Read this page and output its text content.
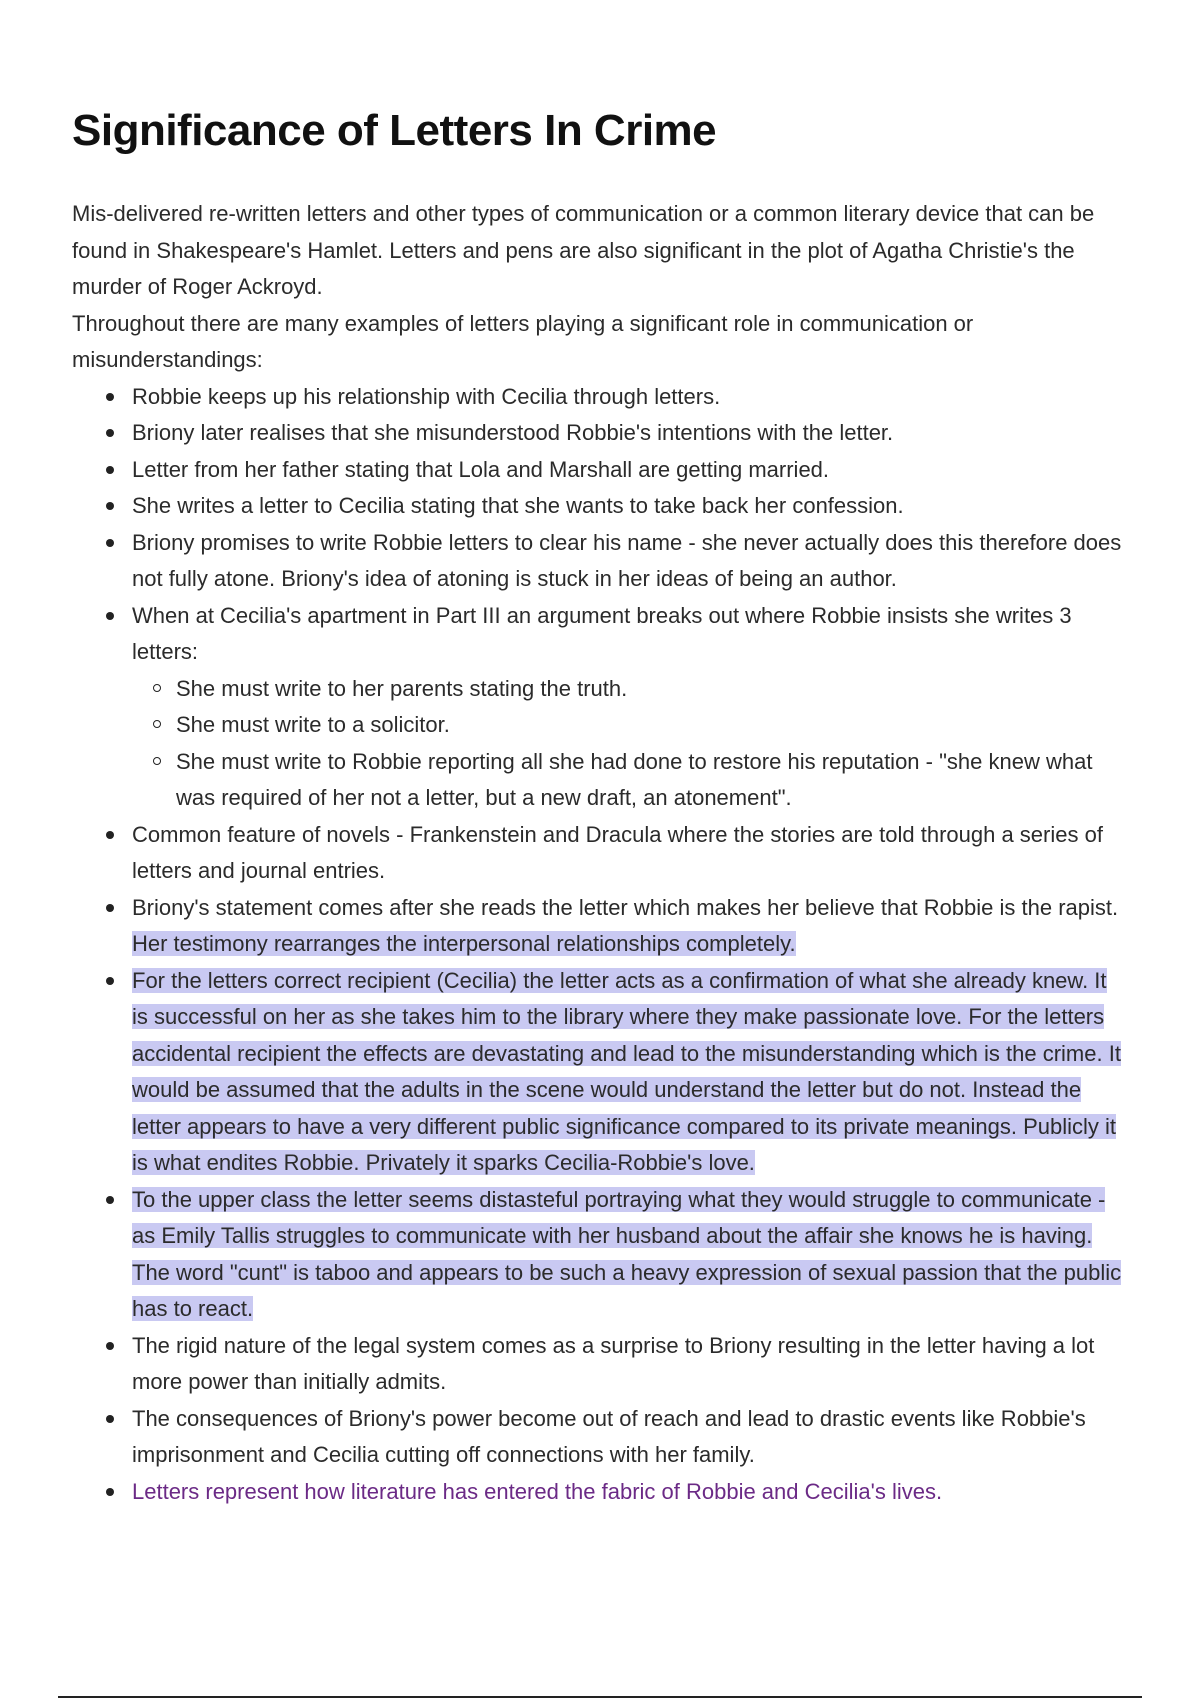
Significance of Letters In Crime

Mis-delivered re-written letters and other types of communication or a common literary device that can be found in Shakespeare's Hamlet. Letters and pens are also significant in the plot of Agatha Christie's the murder of Roger Ackroyd.

Throughout there are many examples of letters playing a significant role in communication or misunderstandings:

Robbie keeps up his relationship with Cecilia through letters.
Briony later realises that she misunderstood Robbie's intentions with the letter.
Letter from her father stating that Lola and Marshall are getting married.
She writes a letter to Cecilia stating that she wants to take back her confession.
Briony promises to write Robbie letters to clear his name - she never actually does this therefore does not fully atone. Briony's idea of atoning is stuck in her ideas of being an author.
When at Cecilia's apartment in Part III an argument breaks out where Robbie insists she writes 3 letters:
She must write to her parents stating the truth.
She must write to a solicitor.
She must write to Robbie reporting all she had done to restore his reputation - "she knew what was required of her not a letter, but a new draft, an atonement".
Common feature of novels - Frankenstein and Dracula where the stories are told through a series of letters and journal entries.
Briony's statement comes after she reads the letter which makes her believe that Robbie is the rapist. Her testimony rearranges the interpersonal relationships completely.
For the letters correct recipient (Cecilia) the letter acts as a confirmation of what she already knew. It is successful on her as she takes him to the library where they make passionate love. For the letters accidental recipient the effects are devastating and lead to the misunderstanding which is the crime. It would be assumed that the adults in the scene would understand the letter but do not. Instead the letter appears to have a very different public significance compared to its private meanings. Publicly it is what endites Robbie. Privately it sparks Cecilia-Robbie's love.
To the upper class the letter seems distasteful portraying what they would struggle to communicate - as Emily Tallis struggles to communicate with her husband about the affair she knows he is having. The word "cunt" is taboo and appears to be such a heavy expression of sexual passion that the public has to react.
The rigid nature of the legal system comes as a surprise to Briony resulting in the letter having a lot more power than initially admits.
The consequences of Briony's power become out of reach and lead to drastic events like Robbie's imprisonment and Cecilia cutting off connections with her family.
Letters represent how literature has entered the fabric of Robbie and Cecilia's lives.
